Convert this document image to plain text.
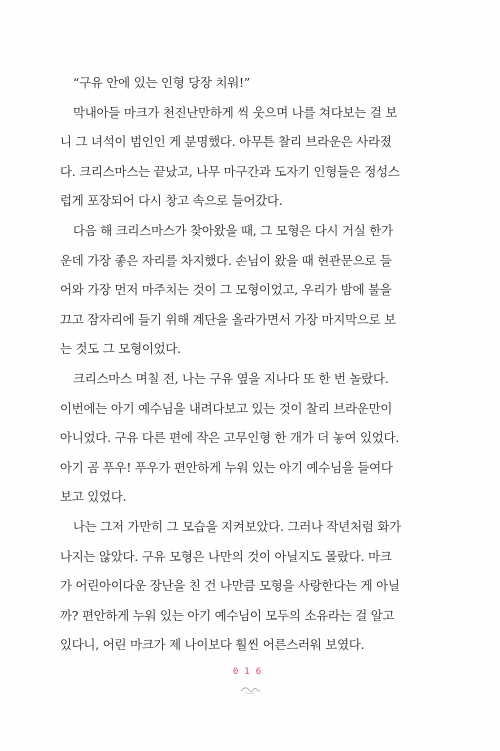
“구유 안에 있는 인형 당장 치워!”
막내아들 마크가 천진난만하게 씩 웃으며 나를 쳐다보는 걸 보
니 그 녀석이 범인인 게 분명했다. 아무튼 찰리 브라운은 사라졌
다. 크리스마스는 끝났고, 나무 마구간과 도자기 인형들은 정성스
럽게 포장되어 다시 창고 속으로 들어갔다.
다음 해 크리스마스가 찾아왔을 때, 그 모형은 다시 거실 한가
운데 가장 좋은 자리를 차지했다. 손님이 왔을 때 현관문으로 들
어와 가장 먼저 마주치는 것이 그 모형이었고, 우리가 밤에 불을
끄고 잠자리에 들기 위해 계단을 올라가면서 가장 마지막으로 보
는 것도 그 모형이었다.
크리스마스 며칠 전, 나는 구유 옆을 지나다 또 한 번 놀랐다.
이번에는 아기 예수님을 내려다보고 있는 것이 찰리 브라운만이
아니었다. 구유 다른 편에 작은 고무인형 한 개가 더 놓여 있었다.
아기 곰 푸우! 푸우가 편안하게 누워 있는 아기 예수님을 들여다
보고 있었다.
나는 그저 가만히 그 모습을 지켜보았다. 그러나 작년처럼 화가
나지는 않았다. 구유 모형은 나만의 것이 아닐지도 몰랐다. 마크
가 어린아이다운 장난을 친 건 나만큼 모형을 사랑한다는 게 아닐
까? 편안하게 누워 있는 아기 예수님이 모두의 소유라는 걸 알고
있다니, 어린 마크가 제 나이보다 훨씬 어른스러워 보였다.
016
